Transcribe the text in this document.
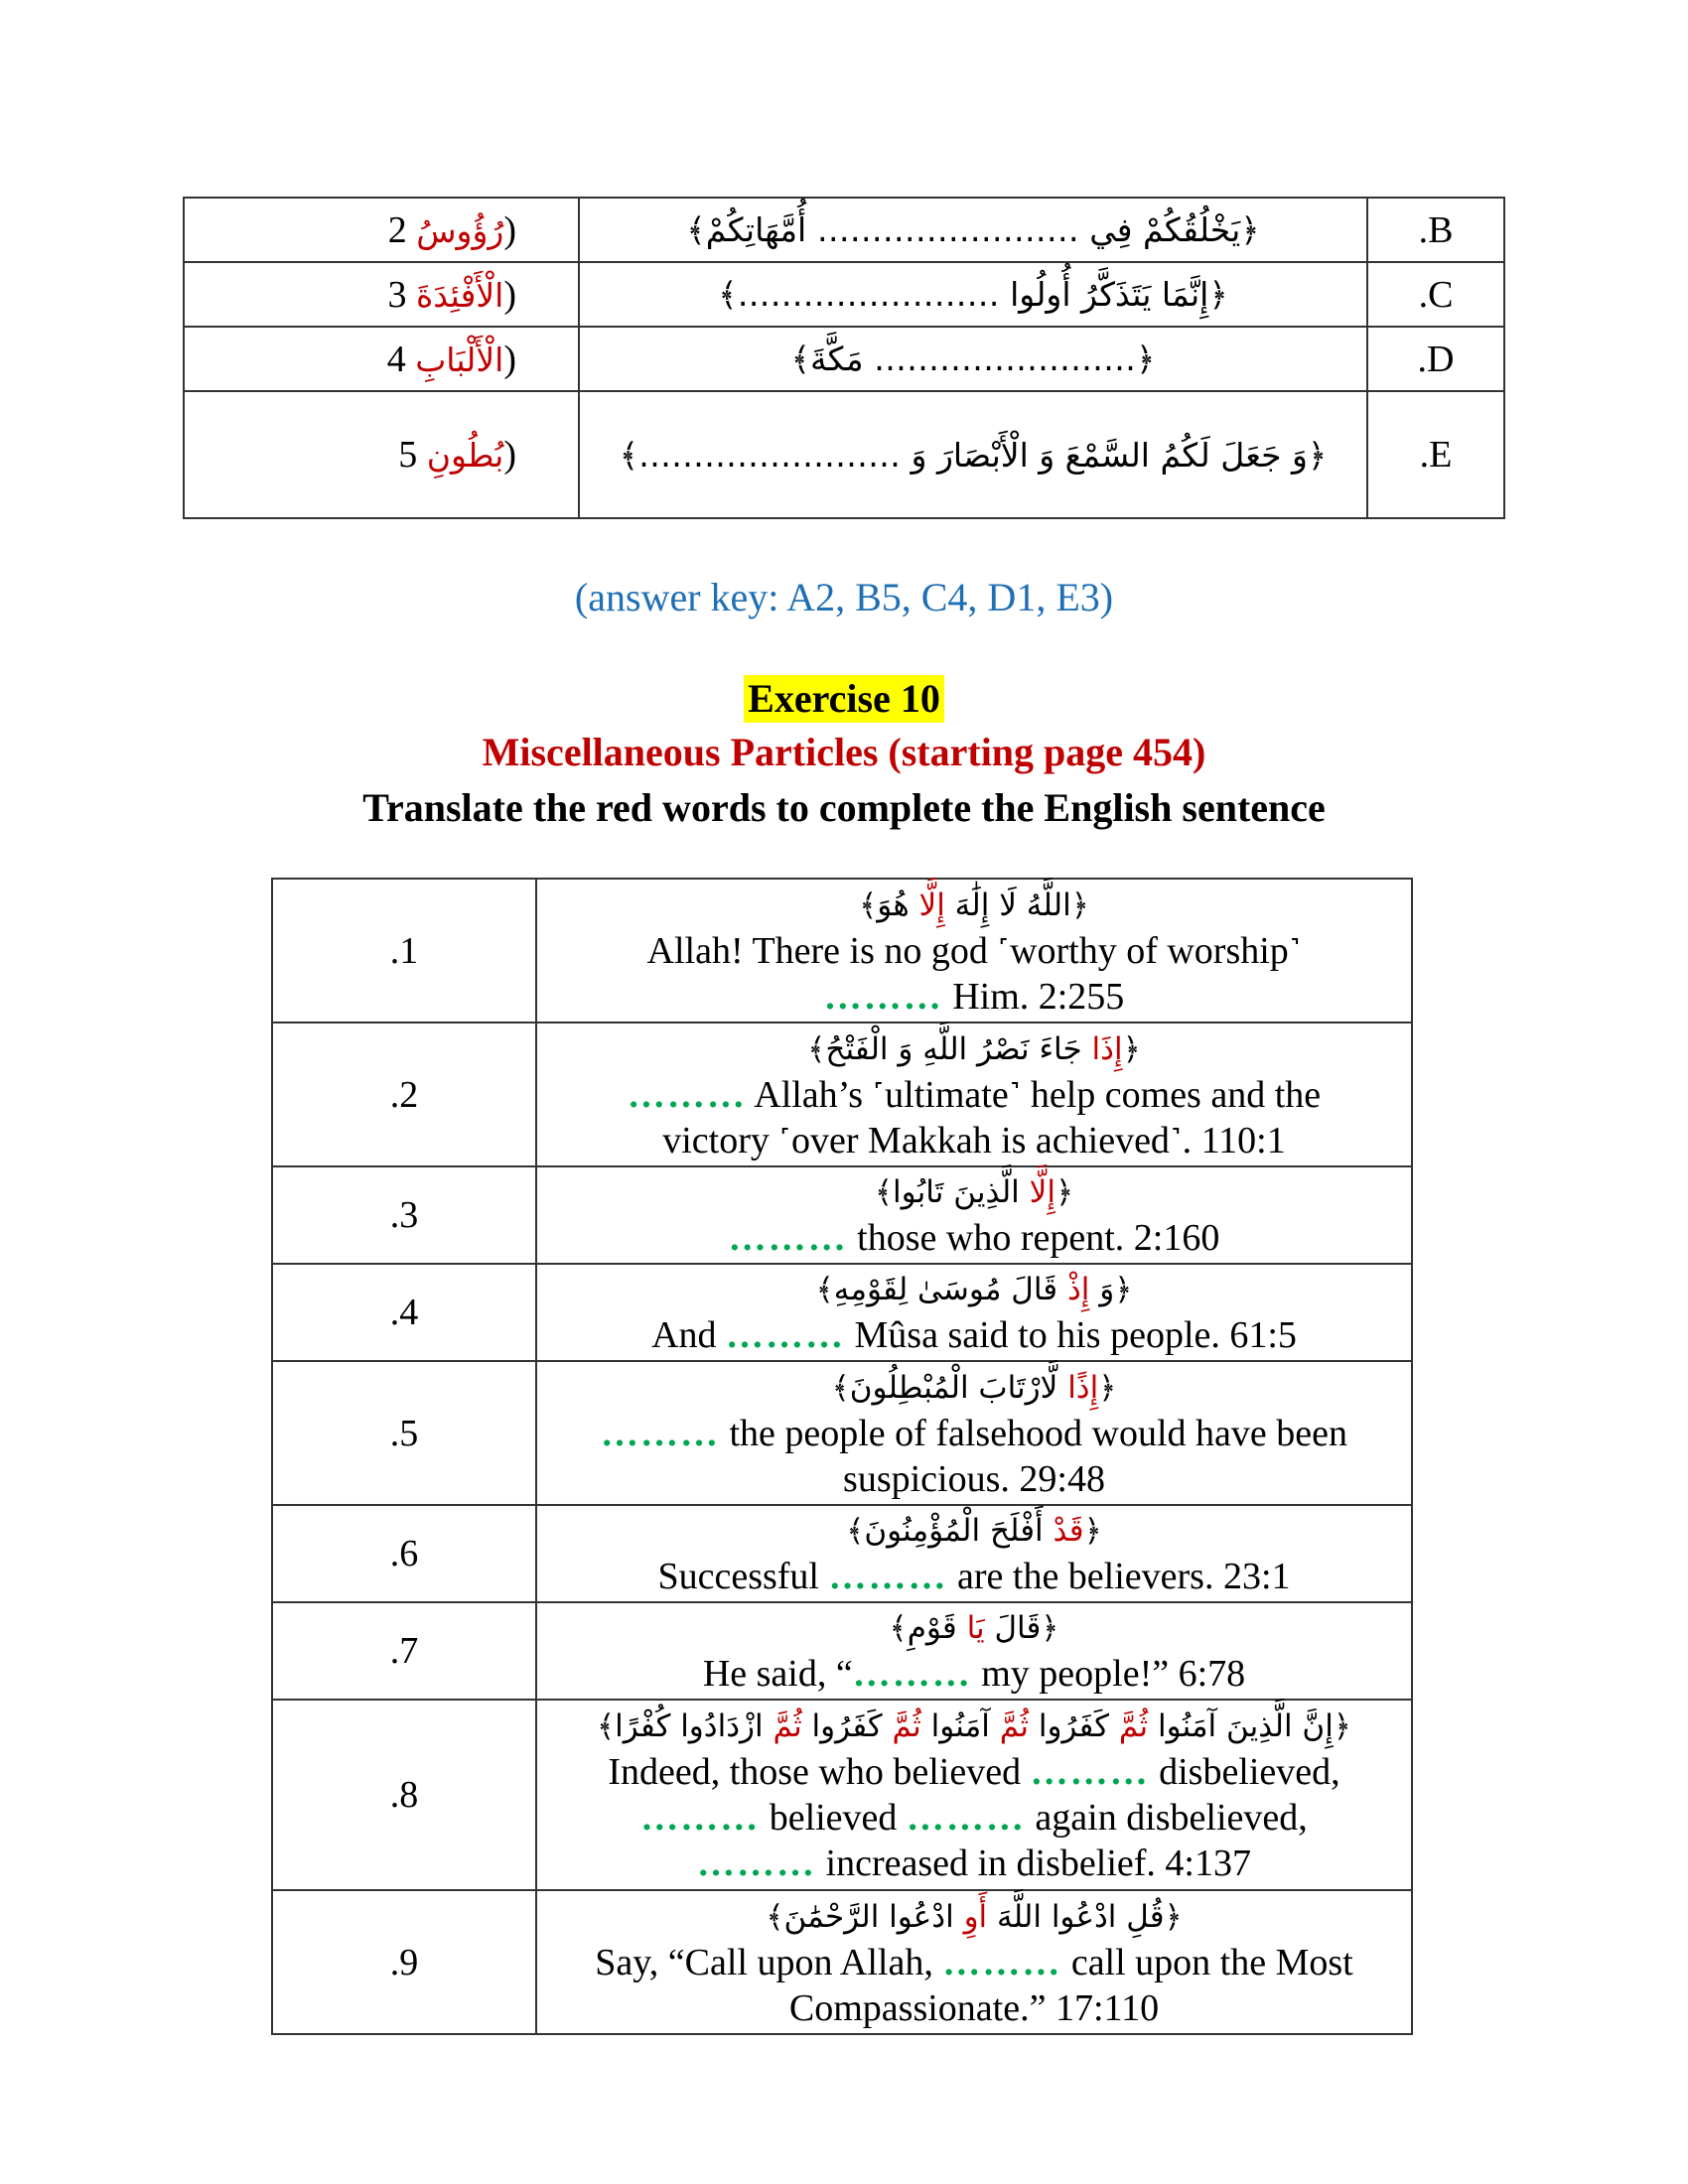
رُؤُوسُ 2)	﴿يَخْلُقُكُمْ فِي …………………… أُمَّهَاتِكُمْ﴾	.B
الْأَفْئِدَةَ 3)	﴿إِنَّمَا يَتَذَكَّرُ أُولُوا ……………………﴾	.C
الْأَلْبَابِ 4)	﴿…………………… مَكَّةَ﴾	.D
بُطُونِ 5)	﴿وَ جَعَلَ لَكُمُ السَّمْعَ وَ الْأَبْصَارَ وَ ……………………﴾	.E
(answer key: A2, B5, C4, D1, E3)
Exercise 10
Miscellaneous Particles (starting page 454)
Translate the red words to complete the English sentence
.1	﴿اللَّهُ لَا إِلَٰهَ إِلَّا هُوَ﴾
Allah! There is no god ˹worthy of worship˺
……… Him. 2:255

.2	﴿إِذَا جَاءَ نَصْرُ اللَّهِ وَ الْفَتْحُ﴾
……… Allah’s ˹ultimate˺ help comes and the
victory ˹over Makkah is achieved˺. 110:1

.3	﴿إِلَّا الَّذِينَ تَابُوا﴾
……… those who repent. 2:160

.4	﴿وَ إِذْ قَالَ مُوسَىٰ لِقَوْمِهِ﴾
And ……… Mûsa said to his people. 61:5

.5	﴿إِذًا لَّارْتَابَ الْمُبْطِلُونَ﴾
……… the people of falsehood would have been
suspicious. 29:48

.6	﴿قَدْ أَفْلَحَ الْمُؤْمِنُونَ﴾
Successful ……… are the believers. 23:1

.7	﴿قَالَ يَا قَوْمِ﴾
He said, “……… my people!” 6:78

.8	﴿إِنَّ الَّذِينَ آمَنُوا ثُمَّ كَفَرُوا ثُمَّ آمَنُوا ثُمَّ كَفَرُوا ثُمَّ ازْدَادُوا كُفْرًا﴾
Indeed, those who believed ……… disbelieved,
……… believed ……… again disbelieved,
……… increased in disbelief. 4:137

.9	﴿قُلِ ادْعُوا اللَّهَ أَوِ ادْعُوا الرَّحْمَٰنَ﴾
Say, “Call upon Allah, ……… call upon the Most
Compassionate.” 17:110
